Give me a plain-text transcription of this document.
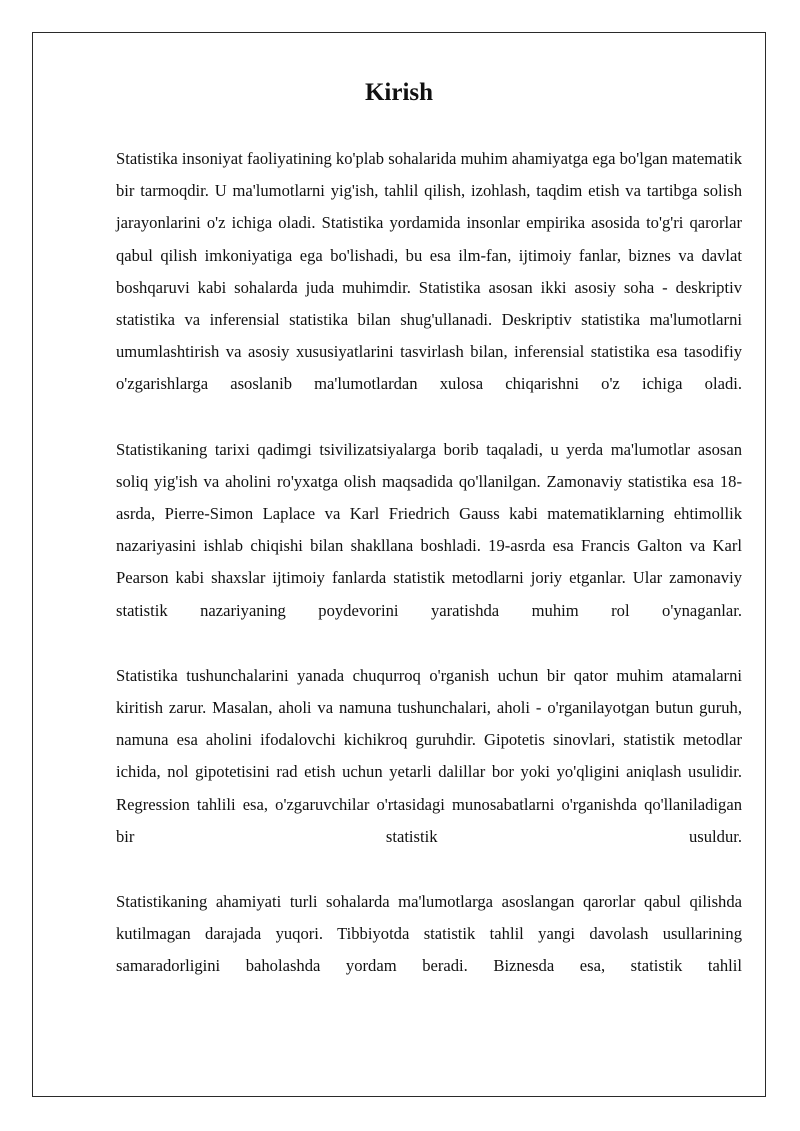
Kirish

Statistika insoniyat faoliyatining ko'plab sohalarida muhim ahamiyatga ega bo'lgan matematik bir tarmoqdir. U ma'lumotlarni yig'ish, tahlil qilish, izohlash, taqdim etish va tartibga solish jarayonlarini o'z ichiga oladi. Statistika yordamida insonlar empirika asosida to'g'ri qarorlar qabul qilish imkoniyatiga ega bo'lishadi, bu esa ilm-fan, ijtimoiy fanlar, biznes va davlat boshqaruvi kabi sohalarda juda muhimdir. Statistika asosan ikki asosiy soha - deskriptiv statistika va inferensial statistika bilan shug'ullanadi. Deskriptiv statistika ma'lumotlarni umumlashtirish va asosiy xususiyatlarini tasvirlash bilan, inferensial statistika esa tasodifiy o'zgarishlarga asoslanib ma'lumotlardan xulosa chiqarishni o'z ichiga oladi.

Statistikaning tarixi qadimgi tsivilizatsiyalarga borib taqaladi, u yerda ma'lumotlar asosan soliq yig'ish va aholini ro'yxatga olish maqsadida qo'llanilgan. Zamonaviy statistika esa 18-asrda, Pierre-Simon Laplace va Karl Friedrich Gauss kabi matematiklarning ehtimollik nazariyasini ishlab chiqishi bilan shakllana boshladi. 19-asrda esa Francis Galton va Karl Pearson kabi shaxslar ijtimoiy fanlarda statistik metodlarni joriy etganlar. Ular zamonaviy statistik nazariyaning poydevorini yaratishda muhim rol o'ynaganlar.

Statistika tushunchalarini yanada chuqurroq o'rganish uchun bir qator muhim atamalarni kiritish zarur. Masalan, aholi va namuna tushunchalari, aholi - o'rganilayotgan butun guruh, namuna esa aholini ifodalovchi kichikroq guruhdir. Gipotetis sinovlari, statistik metodlar ichida, nol gipotetisini rad etish uchun yetarli dalillar bor yoki yo'qligini aniqlash usulidir. Regression tahlili esa, o'zgaruvchilar o'rtasidagi munosabatlarni o'rganishda qo'llaniladigan bir statistik usuldur.

Statistikaning ahamiyati turli sohalarda ma'lumotlarga asoslangan qarorlar qabul qilishda kutilmagan darajada yuqori. Tibbiyotda statistik tahlil yangi davolash usullarining samaradorligini baholashda yordam beradi. Biznesda esa, statistik tahlil
